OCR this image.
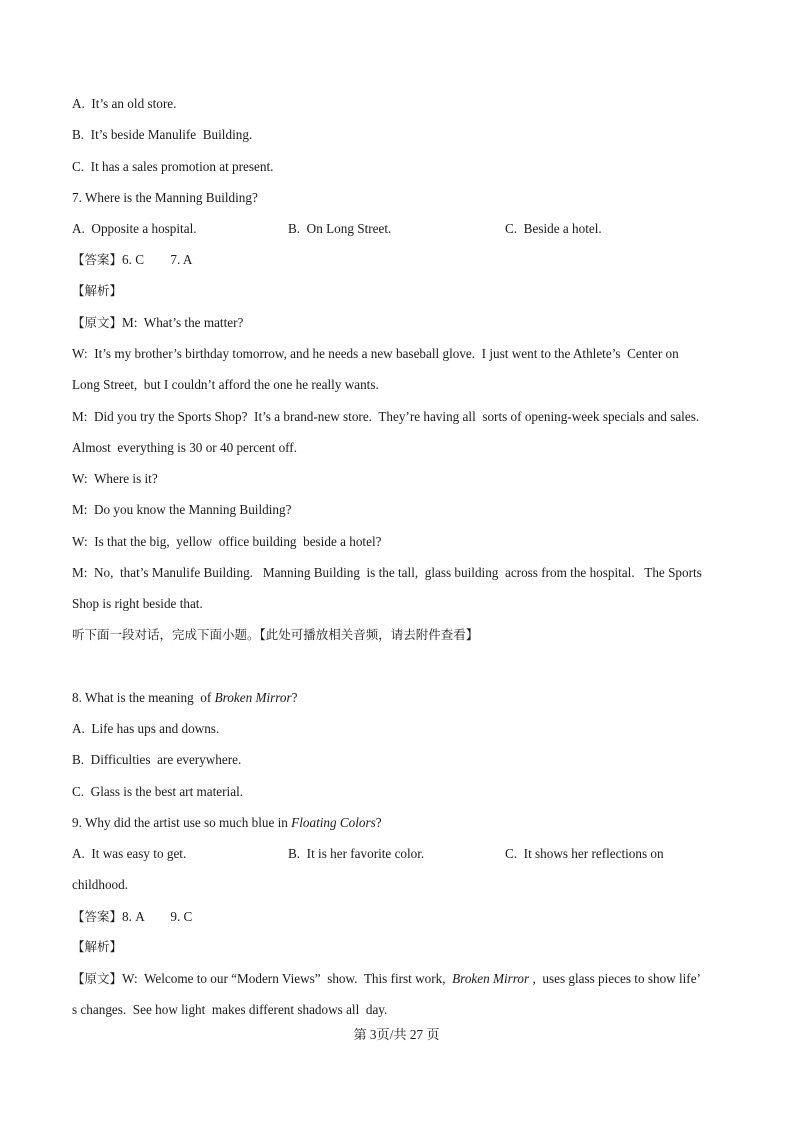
A.  It’s an old store.
B.  It’s beside Manulife  Building.
C.  It has a sales promotion at present.
7. Where is the Manning Building?
A.  Opposite a hospital.	B.  On Long Street.	C.  Beside a hotel.
【答案】6. C        7. A
【解析】
【原文】M:  What’s the matter?
W:  It’s my brother’s birthday tomorrow, and he needs a new baseball glove.  I just went to the Athlete’s  Center on
Long Street,  but I couldn’t afford the one he really wants.
M:  Did you try the Sports Shop?  It’s a brand-new store.  They’re having all  sorts of opening-week specials and sales.
Almost  everything is 30 or 40 percent off.
W:  Where is it?
M:  Do you know the Manning Building?
W:  Is that the big,  yellow  office building  beside a hotel?
M:  No,  that’s Manulife Building.   Manning Building  is the tall,  glass building  across from the hospital.   The Sports
Shop is right beside that.
听下面一段对话，完成下面小题。【此处可播放相关音频，请去附件查看】
8. What is the meaning  of Broken Mirror?
A.  Life has ups and downs.
B.  Difficulties  are everywhere.
C.  Glass is the best art material.
9. Why did the artist use so much blue in Floating Colors?
A.  It was easy to get.	B.  It is her favorite color.	C.  It shows her reflections on
childhood.
【答案】8. A        9. C
【解析】
【原文】W:  Welcome to our “Modern Views”  show.  This first work,  Broken Mirror ,  uses glass pieces to show life’
s changes.  See how light  makes different shadows all  day.
第 3页/共 27 页
